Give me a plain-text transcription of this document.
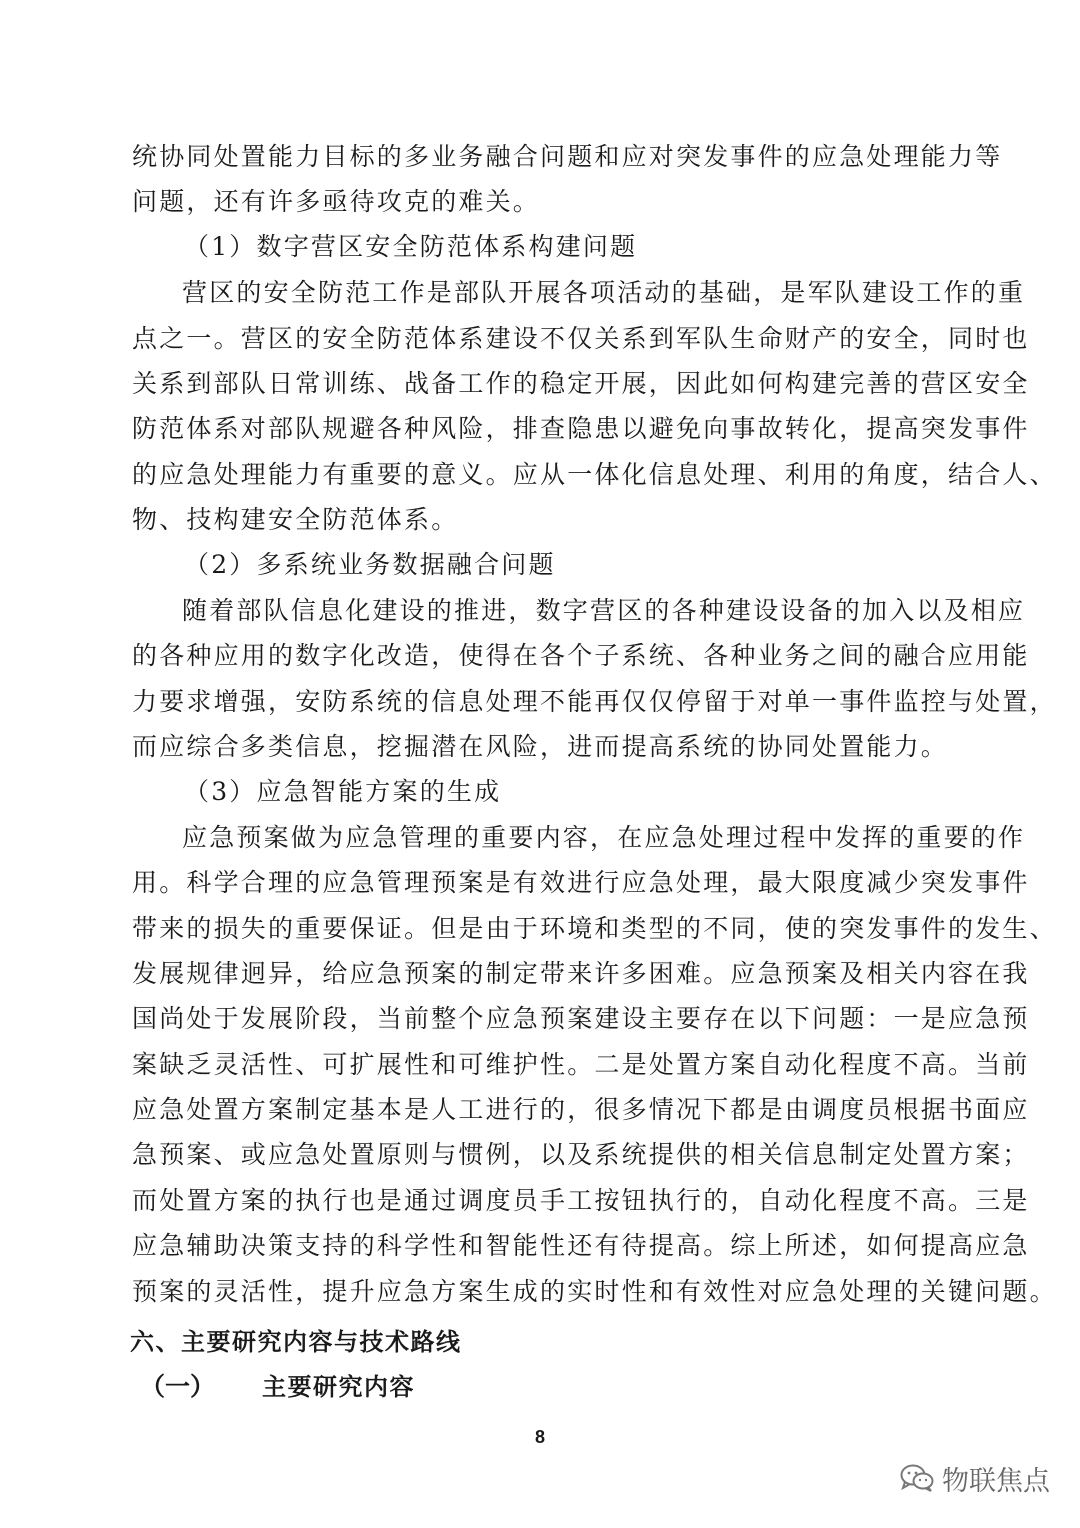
统协同处置能力目标的多业务融合问题和应对突发事件的应急处理能力等
问题，还有许多亟待攻克的难关。
（1）数字营区安全防范体系构建问题
营区的安全防范工作是部队开展各项活动的基础，是军队建设工作的重
点之一。营区的安全防范体系建设不仅关系到军队生命财产的安全，同时也
关系到部队日常训练、战备工作的稳定开展，因此如何构建完善的营区安全
防范体系对部队规避各种风险，排查隐患以避免向事故转化，提高突发事件
的应急处理能力有重要的意义。应从一体化信息处理、利用的角度，结合人、
物、技构建安全防范体系。
（2）多系统业务数据融合问题
随着部队信息化建设的推进，数字营区的各种建设设备的加入以及相应
的各种应用的数字化改造，使得在各个子系统、各种业务之间的融合应用能
力要求增强，安防系统的信息处理不能再仅仅停留于对单一事件监控与处置，
而应综合多类信息，挖掘潜在风险，进而提高系统的协同处置能力。
（3）应急智能方案的生成
应急预案做为应急管理的重要内容，在应急处理过程中发挥的重要的作
用。科学合理的应急管理预案是有效进行应急处理，最大限度减少突发事件
带来的损失的重要保证。但是由于环境和类型的不同，使的突发事件的发生、
发展规律迥异，给应急预案的制定带来许多困难。应急预案及相关内容在我
国尚处于发展阶段，当前整个应急预案建设主要存在以下问题：一是应急预
案缺乏灵活性、可扩展性和可维护性。二是处置方案自动化程度不高。当前
应急处置方案制定基本是人工进行的，很多情况下都是由调度员根据书面应
急预案、或应急处置原则与惯例，以及系统提供的相关信息制定处置方案；
而处置方案的执行也是通过调度员手工按钮执行的，自动化程度不高。三是
应急辅助决策支持的科学性和智能性还有待提高。综上所述，如何提高应急
预案的灵活性，提升应急方案生成的实时性和有效性对应急处理的关键问题。
六、主要研究内容与技术路线
（一） 主要研究内容
8
物联焦点
